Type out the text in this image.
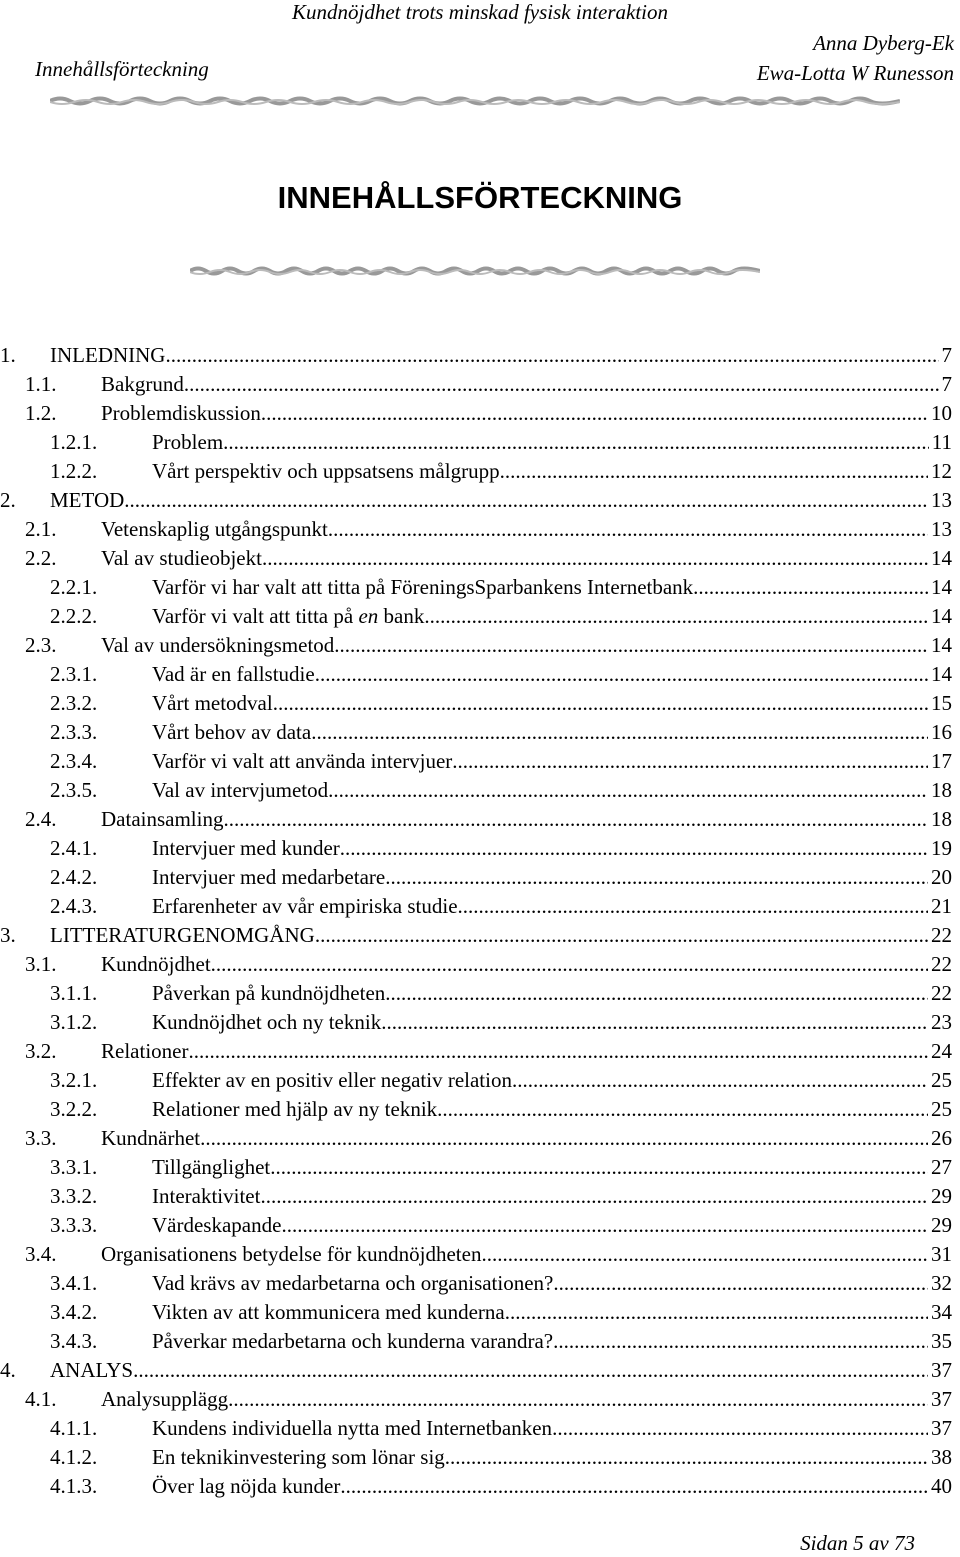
Kundnöjdhet trots minskad fysisk interaktion
Innehållsförteckning
Anna Dyberg-Ek
Ewa-Lotta W Runesson
INNEHÅLLSFÖRTECKNING
1. INLEDNING .....	7
1.1. Bakgrund .....	7
1.2. Problemdiskussion .....	10
1.2.1.	Problem .....	11
1.2.2.	Vårt perspektiv och uppsatsens målgrupp .....	12
2. METOD .....	13
2.1. Vetenskaplig utgångspunkt .....	13
2.2. Val av studieobjekt .....	14
2.2.1.	Varför vi har valt att titta på FöreningsSparbankens Internetbank .....	14
2.2.2.	Varför vi valt att titta på en bank .....	14
2.3. Val av undersökningsmetod .....	14
2.3.1.	Vad är en fallstudie .....	14
2.3.2.	Vårt metodval .....	15
2.3.3.	Vårt behov av data .....	16
2.3.4.	Varför vi valt att använda intervjuer .....	17
2.3.5.	Val av intervjumetod .....	18
2.4. Datainsamling .....	18
2.4.1.	Intervjuer med kunder .....	19
2.4.2.	Intervjuer med medarbetare .....	20
2.4.3.	Erfarenheter av vår empiriska studie .....	21
3. LITTERATURGENOMGÅNG .....	22
3.1. Kundnöjdhet .....	22
3.1.1.	Påverkan på kundnöjdheten .....	22
3.1.2.	Kundnöjdhet och ny teknik .....	23
3.2. Relationer .....	24
3.2.1.	Effekter av en positiv eller negativ relation .....	25
3.2.2.	Relationer med hjälp av ny teknik .....	25
3.3. Kundnärhet .....	26
3.3.1.	Tillgänglighet .....	27
3.3.2.	Interaktivitet .....	29
3.3.3.	Värdeskapande .....	29
3.4. Organisationens betydelse för kundnöjdheten .....	31
3.4.1.	Vad krävs av medarbetarna och organisationen? .....	32
3.4.2.	Vikten av att kommunicera med kunderna .....	34
3.4.3.	Påverkar medarbetarna och kunderna varandra? .....	35
4. ANALYS .....	37
4.1. Analysupplägg .....	37
4.1.1.	Kundens individuella nytta med Internetbanken .....	37
4.1.2.	En teknikinvestering som lönar sig .....	38
4.1.3.	Över lag nöjda kunder .....	40
Sidan 5 av 73
